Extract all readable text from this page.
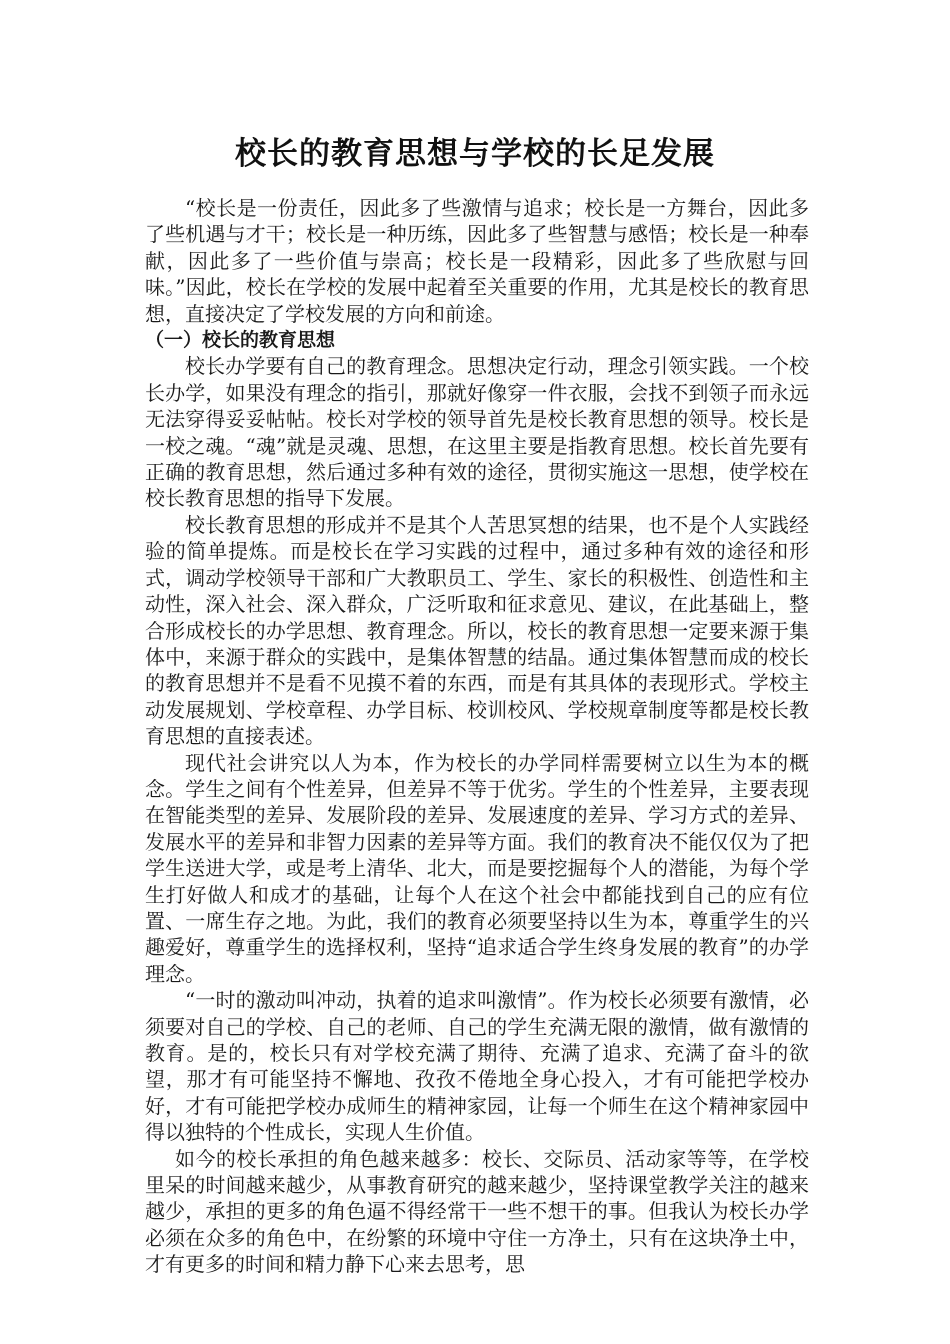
校长的教育思想与学校的长足发展

“校长是一份责任，因此多了些激情与追求；校长是一方舞台，因此多了些机遇与才干；校长是一种历练，因此多了些智慧与感悟；校长是一种奉献，因此多了一些价值与崇高；校长是一段精彩，因此多了些欣慰与回味。”因此，校长在学校的发展中起着至关重要的作用，尤其是校长的教育思想，直接决定了学校发展的方向和前途。

（一）校长的教育思想

校长办学要有自己的教育理念。思想决定行动，理念引领实践。一个校长办学，如果没有理念的指引，那就好像穿一件衣服，会找不到领子而永远无法穿得妥妥帖帖。校长对学校的领导首先是校长教育思想的领导。校长是一校之魂。“魂”就是灵魂、思想，在这里主要是指教育思想。校长首先要有正确的教育思想，然后通过多种有效的途径，贯彻实施这一思想，使学校在校长教育思想的指导下发展。

校长教育思想的形成并不是其个人苦思冥想的结果，也不是个人实践经验的简单提炼。而是校长在学习实践的过程中，通过多种有效的途径和形式，调动学校领导干部和广大教职员工、学生、家长的积极性、创造性和主动性，深入社会、深入群众，广泛听取和征求意见、建议，在此基础上，整合形成校长的办学思想、教育理念。所以，校长的教育思想一定要来源于集体中，来源于群众的实践中，是集体智慧的结晶。通过集体智慧而成的校长的教育思想并不是看不见摸不着的东西，而是有其具体的表现形式。学校主动发展规划、学校章程、办学目标、校训校风、学校规章制度等都是校长教育思想的直接表述。

现代社会讲究以人为本，作为校长的办学同样需要树立以生为本的概念。学生之间有个性差异，但差异不等于优劣。学生的个性差异，主要表现在智能类型的差异、发展阶段的差异、发展速度的差异、学习方式的差异、发展水平的差异和非智力因素的差异等方面。我们的教育决不能仅仅为了把学生送进大学，或是考上清华、北大，而是要挖掘每个人的潜能，为每个学生打好做人和成才的基础，让每个人在这个社会中都能找到自己的应有位置、一席生存之地。为此，我们的教育必须要坚持以生为本，尊重学生的兴趣爱好，尊重学生的选择权利，坚持“追求适合学生终身发展的教育”的办学理念。

“一时的激动叫冲动，执着的追求叫激情”。作为校长必须要有激情，必须要对自己的学校、自己的老师、自己的学生充满无限的激情，做有激情的教育。是的，校长只有对学校充满了期待、充满了追求、充满了奋斗的欲望，那才有可能坚持不懈地、孜孜不倦地全身心投入，才有可能把学校办好，才有可能把学校办成师生的精神家园，让每一个师生在这个精神家园中得以独特的个性成长，实现人生价值。

如今的校长承担的角色越来越多：校长、交际员、活动家等等，在学校里呆的时间越来越少，从事教育研究的越来越少，坚持课堂教学关注的越来越少，承担的更多的角色逼不得经常干一些不想干的事。但我认为校长办学必须在众多的角色中，在纷繁的环境中守住一方净土，只有在这块净土中，才有更多的时间和精力静下心来去思考，思
